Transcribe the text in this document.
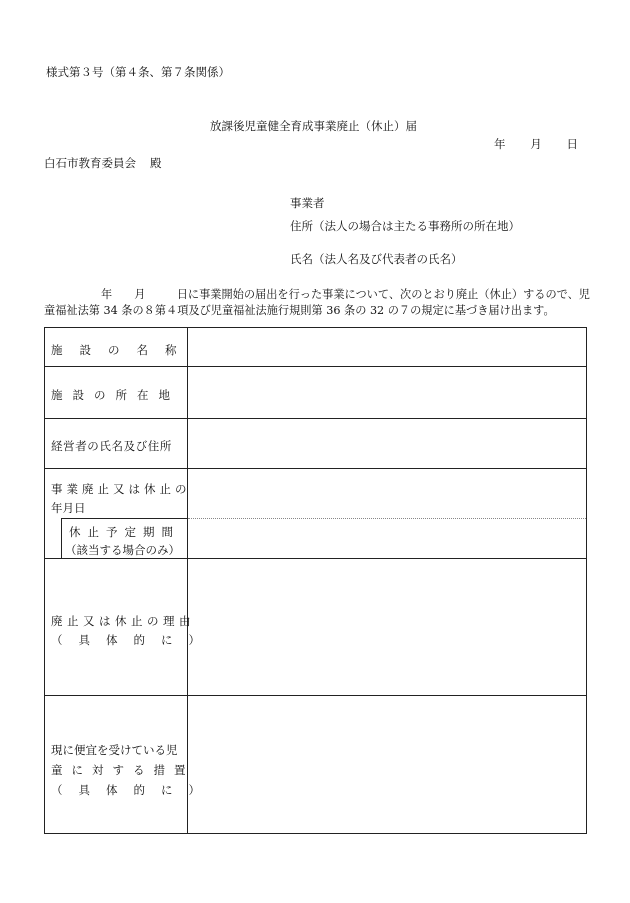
様式第３号（第４条、第７条関係）
放課後児童健全育成事業廃止（休止）届
年 月 日
白石市教育委員会 殿
事業者
住所（法人の場合は主たる事務所の所在地）
氏名（法人名及び代表者の氏名）
年	月	日に事業開始の届出を行った事業について、次のとおり廃止（休止）するので、児
童福祉法第 34 条の８第４項及び児童福祉法施行規則第 36 条の 32 の７の規定に基づき届け出ます。
施設の名称
施設の所在地
経営者の氏名及び住所
事業廃止又は休止の
年月日
休止予定期間
（該当する場合のみ）
廃止又は休止の理由
（具体的に）
現に便宜を受けている児
童に対する措置
（具体的に）
